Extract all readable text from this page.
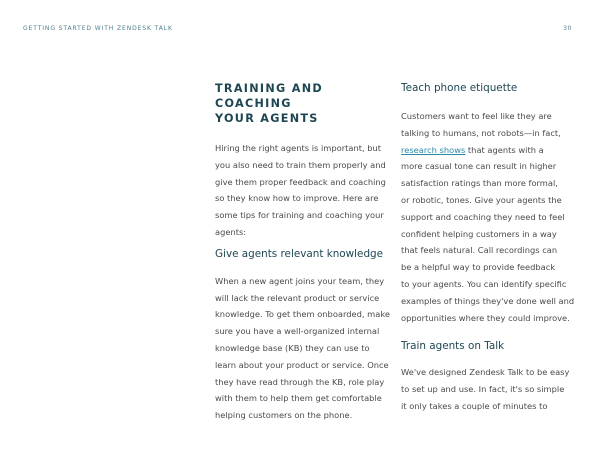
GETTING STARTED WITH ZENDESK TALK	30
TRAINING AND COACHING
YOUR AGENTS

Hiring the right agents is important, but
you also need to train them properly and
give them proper feedback and coaching
so they know how to improve. Here are
some tips for training and coaching your
agents:

Give agents relevant knowledge

When a new agent joins your team, they
will lack the relevant product or service
knowledge. To get them onboarded, make
sure you have a well-organized internal
knowledge base (KB) they can use to
learn about your product or service. Once
they have read through the KB, role play
with them to help them get comfortable
helping customers on the phone.

Teach phone etiquette

Customers want to feel like they are
talking to humans, not robots—in fact,
research shows that agents with a
more casual tone can result in higher
satisfaction ratings than more formal,
or robotic, tones. Give your agents the
support and coaching they need to feel
confident helping customers in a way
that feels natural. Call recordings can
be a helpful way to provide feedback
to your agents. You can identify specific
examples of things they've done well and
opportunities where they could improve.

Train agents on Talk

We've designed Zendesk Talk to be easy
to set up and use. In fact, it's so simple
it only takes a couple of minutes to
